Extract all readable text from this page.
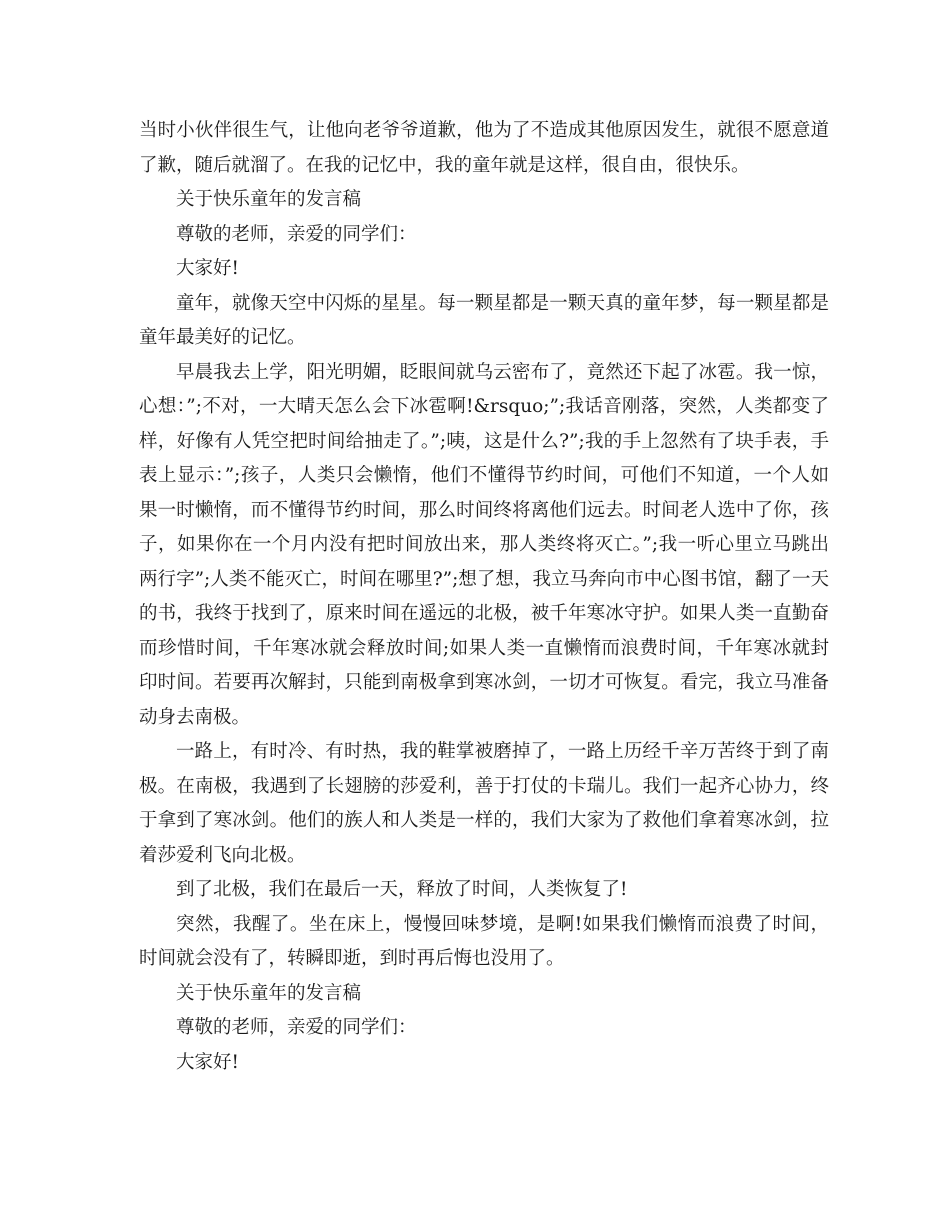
当时小伙伴很生气，让他向老爷爷道歉，他为了不造成其他原因发生，就很不愿意道了歉，随后就溜了。在我的记忆中，我的童年就是这样，很自由，很快乐。

关于快乐童年的发言稿

尊敬的老师，亲爱的同学们：

大家好!

童年，就像天空中闪烁的星星。每一颗星都是一颗天真的童年梦，每一颗星都是童年最美好的记忆。

早晨我去上学，阳光明媚，眨眼间就乌云密布了，竟然还下起了冰雹。我一惊，心想：”;不对，一大晴天怎么会下冰雹啊!&rsquo;”;我话音刚落，突然，人类都变了样，好像有人凭空把时间给抽走了。”;咦，这是什么?”;我的手上忽然有了块手表，手表上显示：”;孩子，人类只会懒惰，他们不懂得节约时间，可他们不知道，一个人如果一时懒惰，而不懂得节约时间，那么时间终将离他们远去。时间老人选中了你，孩子，如果你在一个月内没有把时间放出来，那人类终将灭亡。”;我一听心里立马跳出两行字”;人类不能灭亡，时间在哪里?”;想了想，我立马奔向市中心图书馆，翻了一天的书，我终于找到了，原来时间在遥远的北极，被千年寒冰守护。如果人类一直勤奋而珍惜时间，千年寒冰就会释放时间;如果人类一直懒惰而浪费时间，千年寒冰就封印时间。若要再次解封，只能到南极拿到寒冰剑，一切才可恢复。看完，我立马准备动身去南极。

一路上，有时冷、有时热，我的鞋掌被磨掉了，一路上历经千辛万苦终于到了南极。在南极，我遇到了长翅膀的莎爱利，善于打仗的卡瑞儿。我们一起齐心协力，终于拿到了寒冰剑。他们的族人和人类是一样的，我们大家为了救他们拿着寒冰剑，拉着莎爱利飞向北极。

到了北极，我们在最后一天，释放了时间，人类恢复了!

突然，我醒了。坐在床上，慢慢回味梦境，是啊!如果我们懒惰而浪费了时间，时间就会没有了，转瞬即逝，到时再后悔也没用了。

关于快乐童年的发言稿

尊敬的老师，亲爱的同学们：

大家好!
